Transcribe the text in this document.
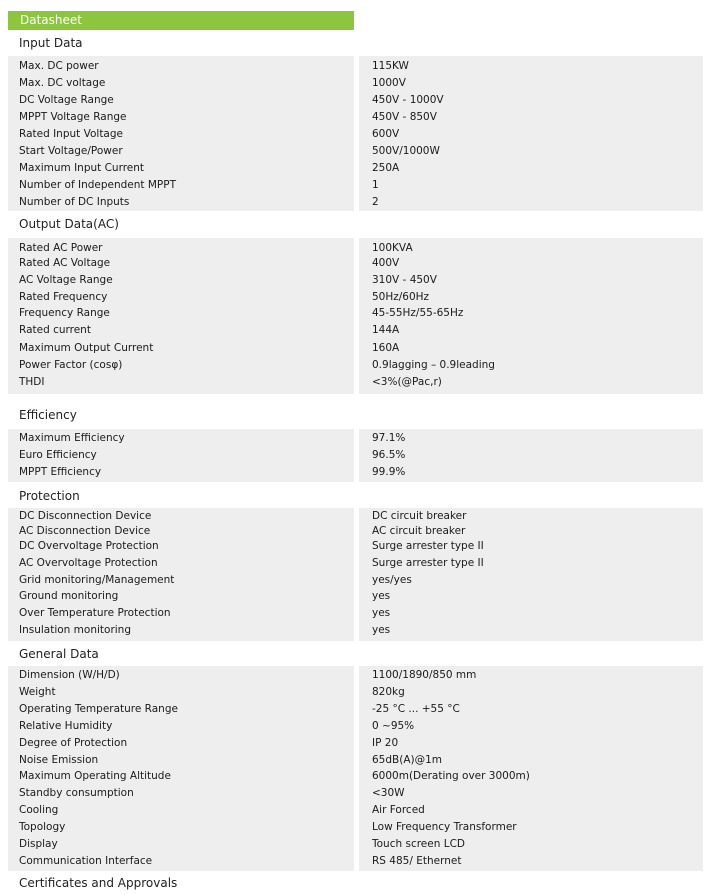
Datasheet
Input Data
Max. DC power	115KW
Max. DC voltage	1000V
DC Voltage Range	450V - 1000V
MPPT Voltage Range	450V - 850V
Rated Input Voltage	600V
Start Voltage/Power	500V/1000W
Maximum Input Current	250A
Number of Independent MPPT	1
Number of DC Inputs	2
Output Data(AC)
Rated AC Power	100KVA
Rated AC Voltage	400V
AC Voltage Range	310V - 450V
Rated Frequency	50Hz/60Hz
Frequency Range	45-55Hz/55-65Hz
Rated current	144A
Maximum Output Current	160A
Power Factor (cosφ)	0.9lagging – 0.9leading
THDI	<3%(@Pac,r)
Efficiency
Maximum Efficiency	97.1%
Euro Efficiency	96.5%
MPPT Efficiency	99.9%
Protection
DC Disconnection Device	DC circuit breaker
AC Disconnection Device	AC circuit breaker
DC Overvoltage Protection	Surge arrester type II
AC Overvoltage Protection	Surge arrester type II
Grid monitoring/Management	yes/yes
Ground monitoring	yes
Over Temperature Protection	yes
Insulation monitoring	yes
General Data
Dimension (W/H/D)	1100/1890/850 mm
Weight	820kg
Operating Temperature Range	-25 °C ... +55 °C
Relative Humidity	0 ~95%
Degree of Protection	IP 20
Noise Emission	65dB(A)@1m
Maximum Operating Altitude	6000m(Derating over 3000m)
Standby consumption	<30W
Cooling	Air Forced
Topology	Low Frequency Transformer
Display	Touch screen LCD
Communication Interface	RS 485/ Ethernet
Certificates and Approvals
